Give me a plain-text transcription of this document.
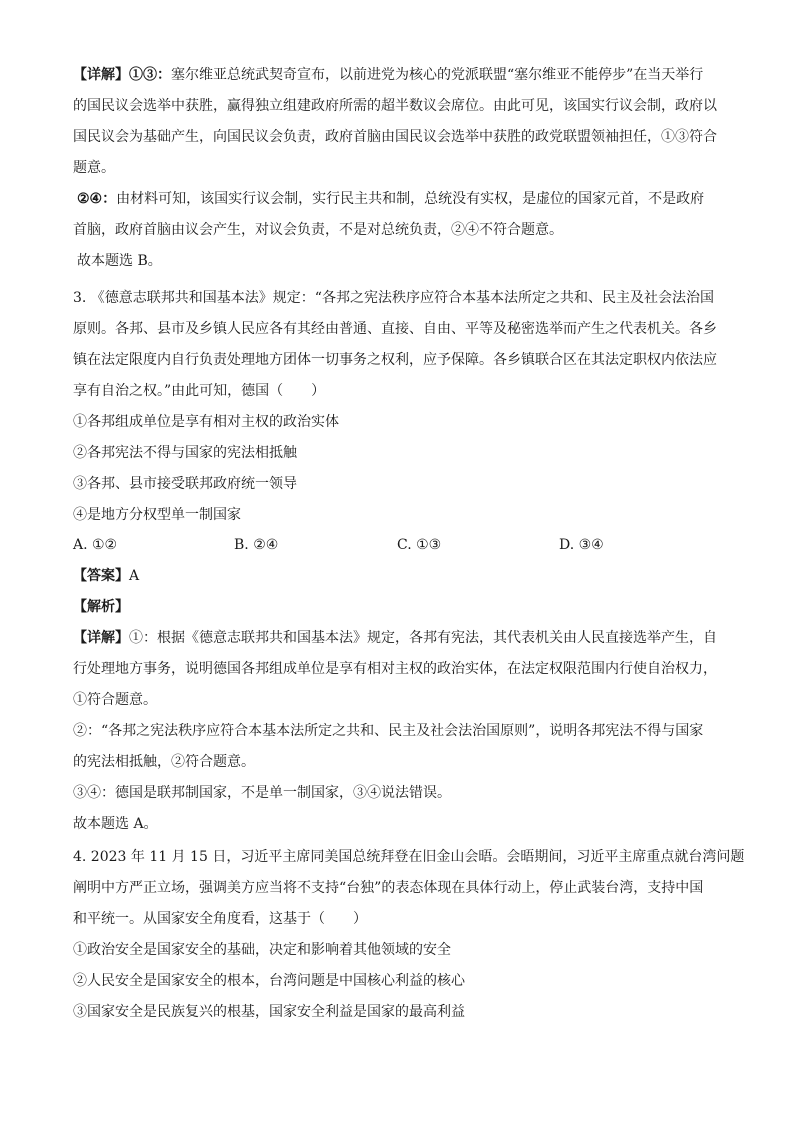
【详解】①③：塞尔维亚总统武契奇宣布，以前进党为核心的党派联盟“塞尔维亚不能停步”在当天举行
的国民议会选举中获胜，赢得独立组建政府所需的超半数议会席位。由此可见，该国实行议会制，政府以
国民议会为基础产生，向国民议会负责，政府首脑由国民议会选举中获胜的政党联盟领袖担任，①③符合
题意。
②④：由材料可知，该国实行议会制，实行民主共和制，总统没有实权，是虚位的国家元首，不是政府
首脑，政府首脑由议会产生，对议会负责，不是对总统负责，②④不符合题意。
故本题选 B。
3. 《德意志联邦共和国基本法》规定：“各邦之宪法秩序应符合本基本法所定之共和、民主及社会法治国
原则。各邦、县市及乡镇人民应各有其经由普通、直接、自由、平等及秘密选举而产生之代表机关。各乡
镇在法定限度内自行负责处理地方团体一切事务之权利，应予保障。各乡镇联合区在其法定职权内依法应
享有自治之权。”由此可知，德国（　　）
①各邦组成单位是享有相对主权的政治实体
②各邦宪法不得与国家的宪法相抵触
③各邦、县市接受联邦政府统一领导
④是地方分权型单一制国家
A. ①②	B. ②④	C. ①③	D. ③④
【答案】A
【解析】
【详解】①：根据《德意志联邦共和国基本法》规定，各邦有宪法，其代表机关由人民直接选举产生，自
行处理地方事务，说明德国各邦组成单位是享有相对主权的政治实体，在法定权限范围内行使自治权力，
①符合题意。
②：“各邦之宪法秩序应符合本基本法所定之共和、民主及社会法治国原则”，说明各邦宪法不得与国家
的宪法相抵触，②符合题意。
③④：德国是联邦制国家，不是单一制国家，③④说法错误。
故本题选 A。
4. 2023 年 11 月 15 日，习近平主席同美国总统拜登在旧金山会晤。会晤期间，习近平主席重点就台湾问题
阐明中方严正立场，强调美方应当将不支持“台独”的表态体现在具体行动上，停止武装台湾，支持中国
和平统一。从国家安全角度看，这基于（　　）
①政治安全是国家安全的基础，决定和影响着其他领域的安全
②人民安全是国家安全的根本，台湾问题是中国核心利益的核心
③国家安全是民族复兴的根基，国家安全利益是国家的最高利益
